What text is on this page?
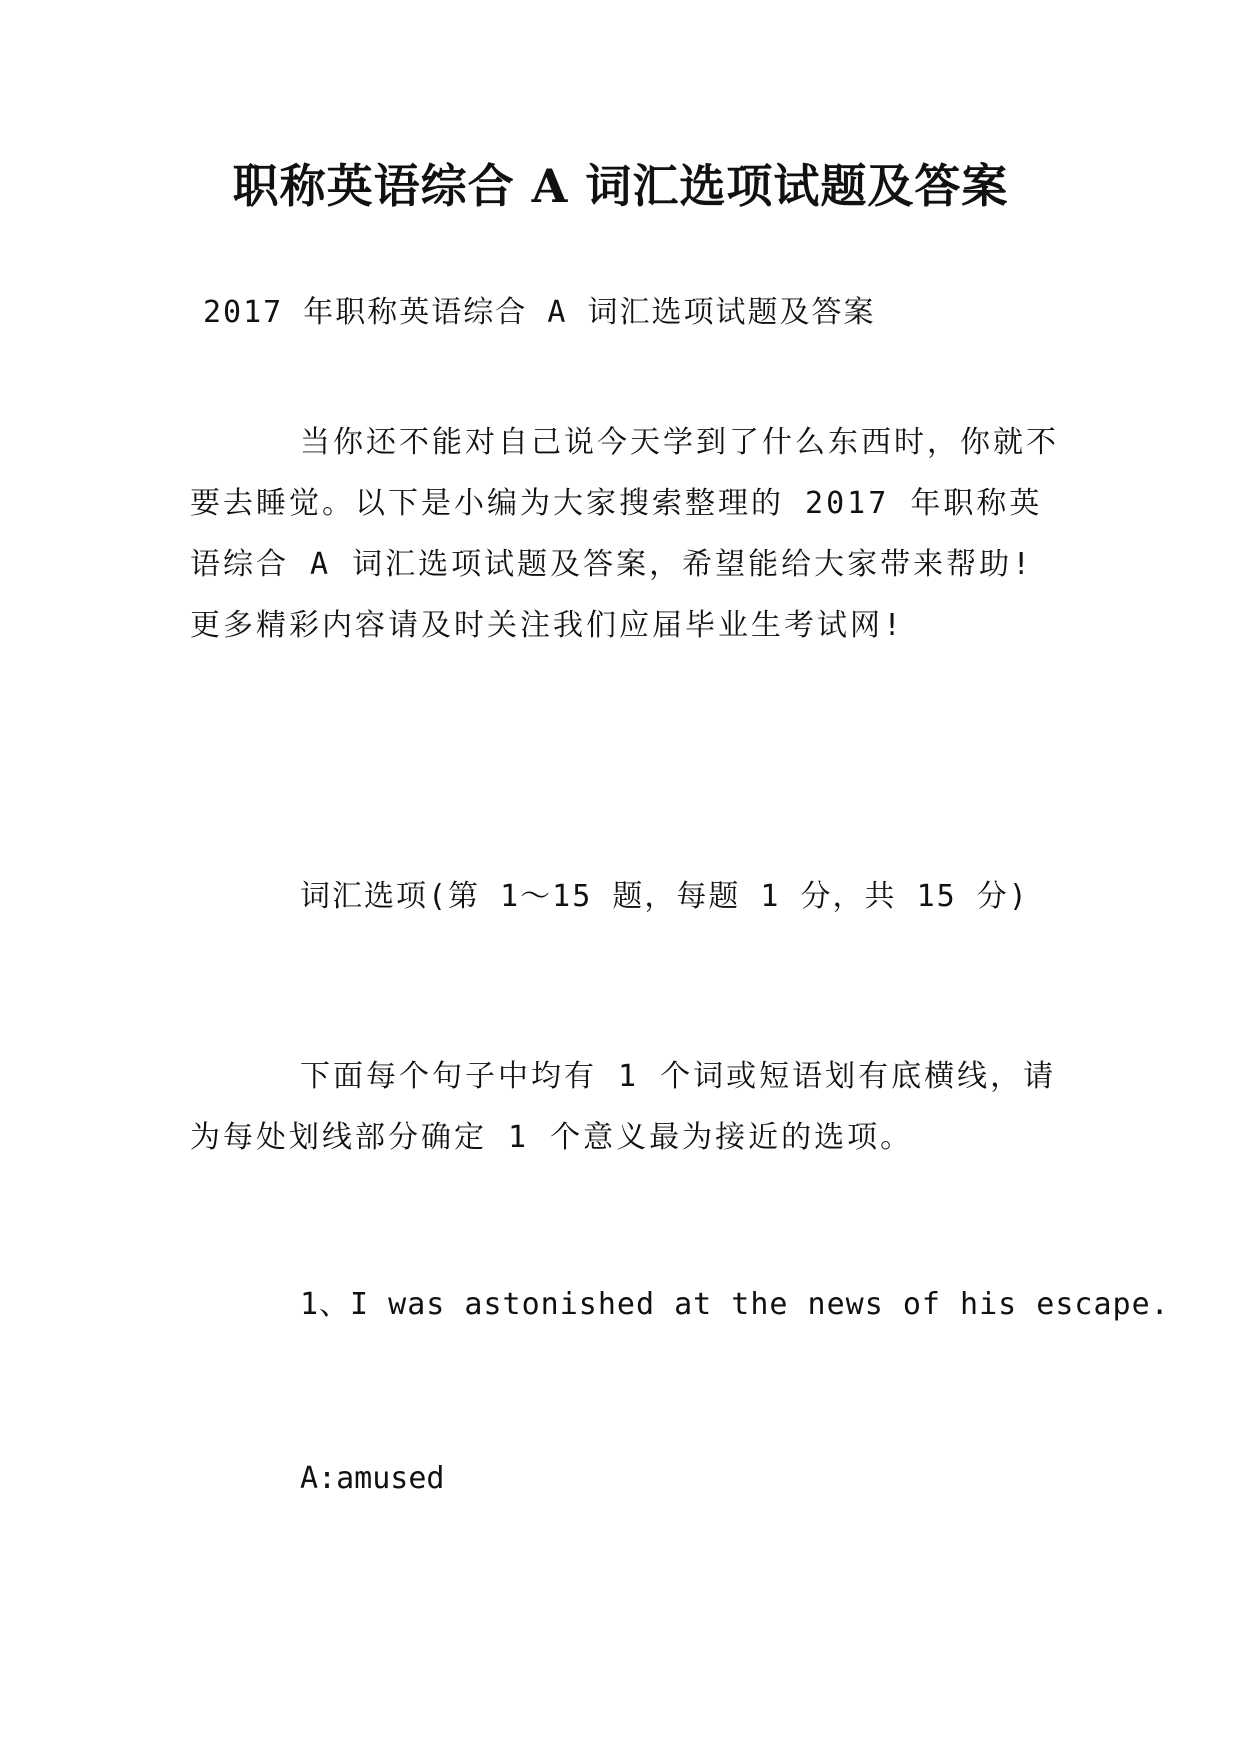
职称英语综合 A 词汇选项试题及答案
2017 年职称英语综合 A 词汇选项试题及答案
当你还不能对自己说今天学到了什么东西时，你就不要去睡觉。以下是小编为大家搜索整理的 2017 年职称英语综合 A 词汇选项试题及答案，希望能给大家带来帮助!更多精彩内容请及时关注我们应届毕业生考试网!
词汇选项(第 1～15 题，每题 1 分，共 15 分)
下面每个句子中均有 1 个词或短语划有底横线，请为每处划线部分确定 1 个意义最为接近的选项。
1、I was astonished at the news of his escape.
A:amused
